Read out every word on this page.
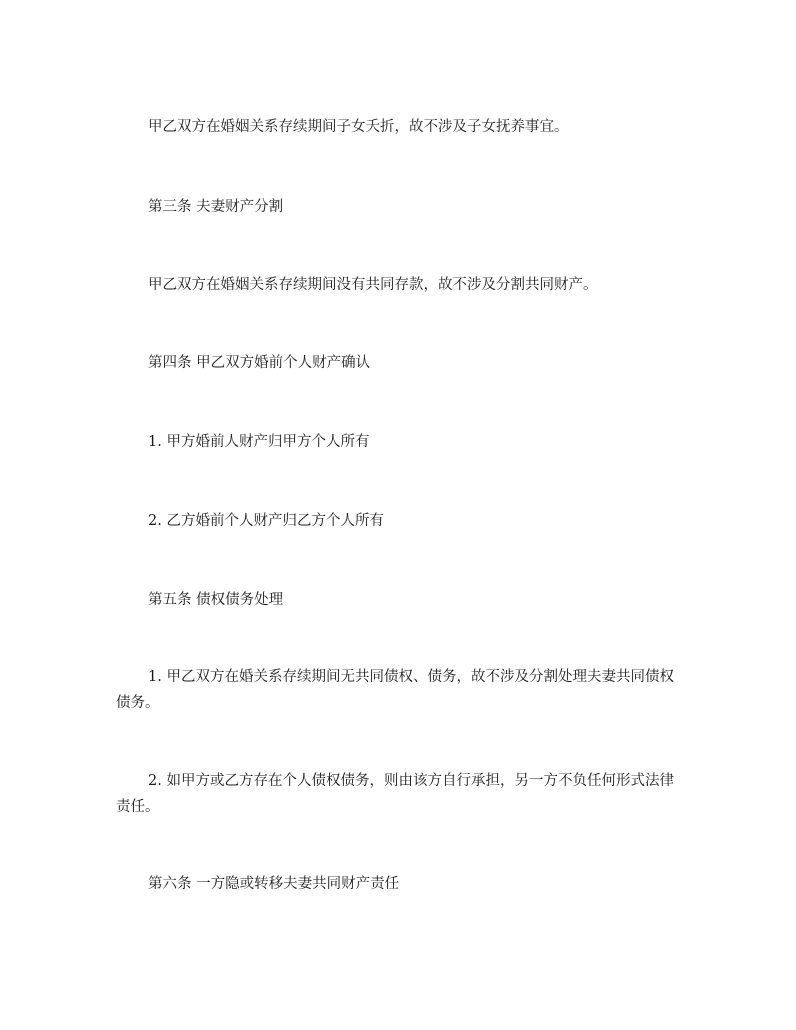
甲乙双方在婚姻关系存续期间子女夭折，故不涉及子女抚养事宜。

第三条 夫妻财产分割

甲乙双方在婚姻关系存续期间没有共同存款，故不涉及分割共同财产。

第四条 甲乙双方婚前个人财产确认

1. 甲方婚前人财产归甲方个人所有

2. 乙方婚前个人财产归乙方个人所有

第五条 债权债务处理

1. 甲乙双方在婚关系存续期间无共同债权、债务，故不涉及分割处理夫妻共同债权债务。

2. 如甲方或乙方存在个人债权债务，则由该方自行承担，另一方不负任何形式法律责任。

第六条 一方隐或转移夫妻共同财产责任
